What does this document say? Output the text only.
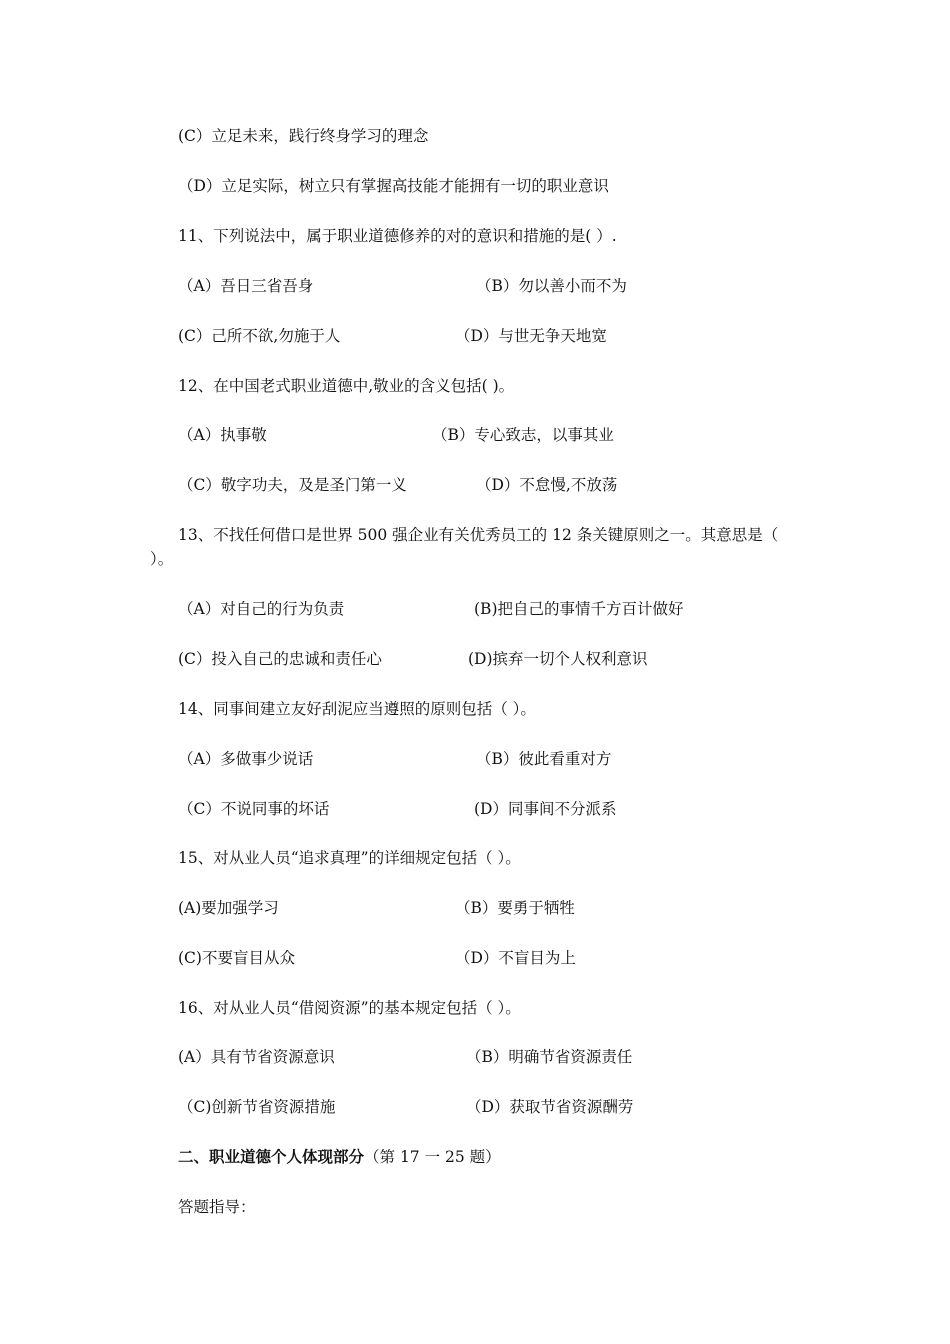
(C）立足未来，践行终身学习的理念
（D）立足实际，树立只有掌握高技能才能拥有一切的职业意识
11、下列说法中，属于职业道德修养的对的意识和措施的是( ）.
（A）吾日三省吾身	（B）勿以善小而不为
(C）己所不欲,勿施于人	（D）与世无争天地宽
12、在中国老式职业道德中,敬业的含义包括( )。
（A）执事敬	（B）专心致志，以事其业
（C）敬字功夫，及是圣门第一义	（D）不怠慢,不放荡
13、不找任何借口是世界 500 强企业有关优秀员工的 12 条关键原则之一。其意思是（ ）。
（A）对自己的行为负责	(B)把自己的事情千方百计做好
(C）投入自己的忠诚和责任心	(D)摈弃一切个人权利意识
14、同事间建立友好刮泥应当遵照的原则包括（ ）。
（A）多做事少说话	（B）彼此看重对方
（C）不说同事的坏话	(D）同事间不分派系
15、对从业人员“追求真理”的详细规定包括（ ）。
(A)要加强学习	（B）要勇于牺牲
(C)不要盲目从众	（D）不盲目为上
16、对从业人员“借阅资源”的基本规定包括（ ）。
(A）具有节省资源意识	（B）明确节省资源责任
（C)创新节省资源措施	（D）获取节省资源酬劳
二、职业道德个人体现部分（第 17 一 25 题）
答题指导：
